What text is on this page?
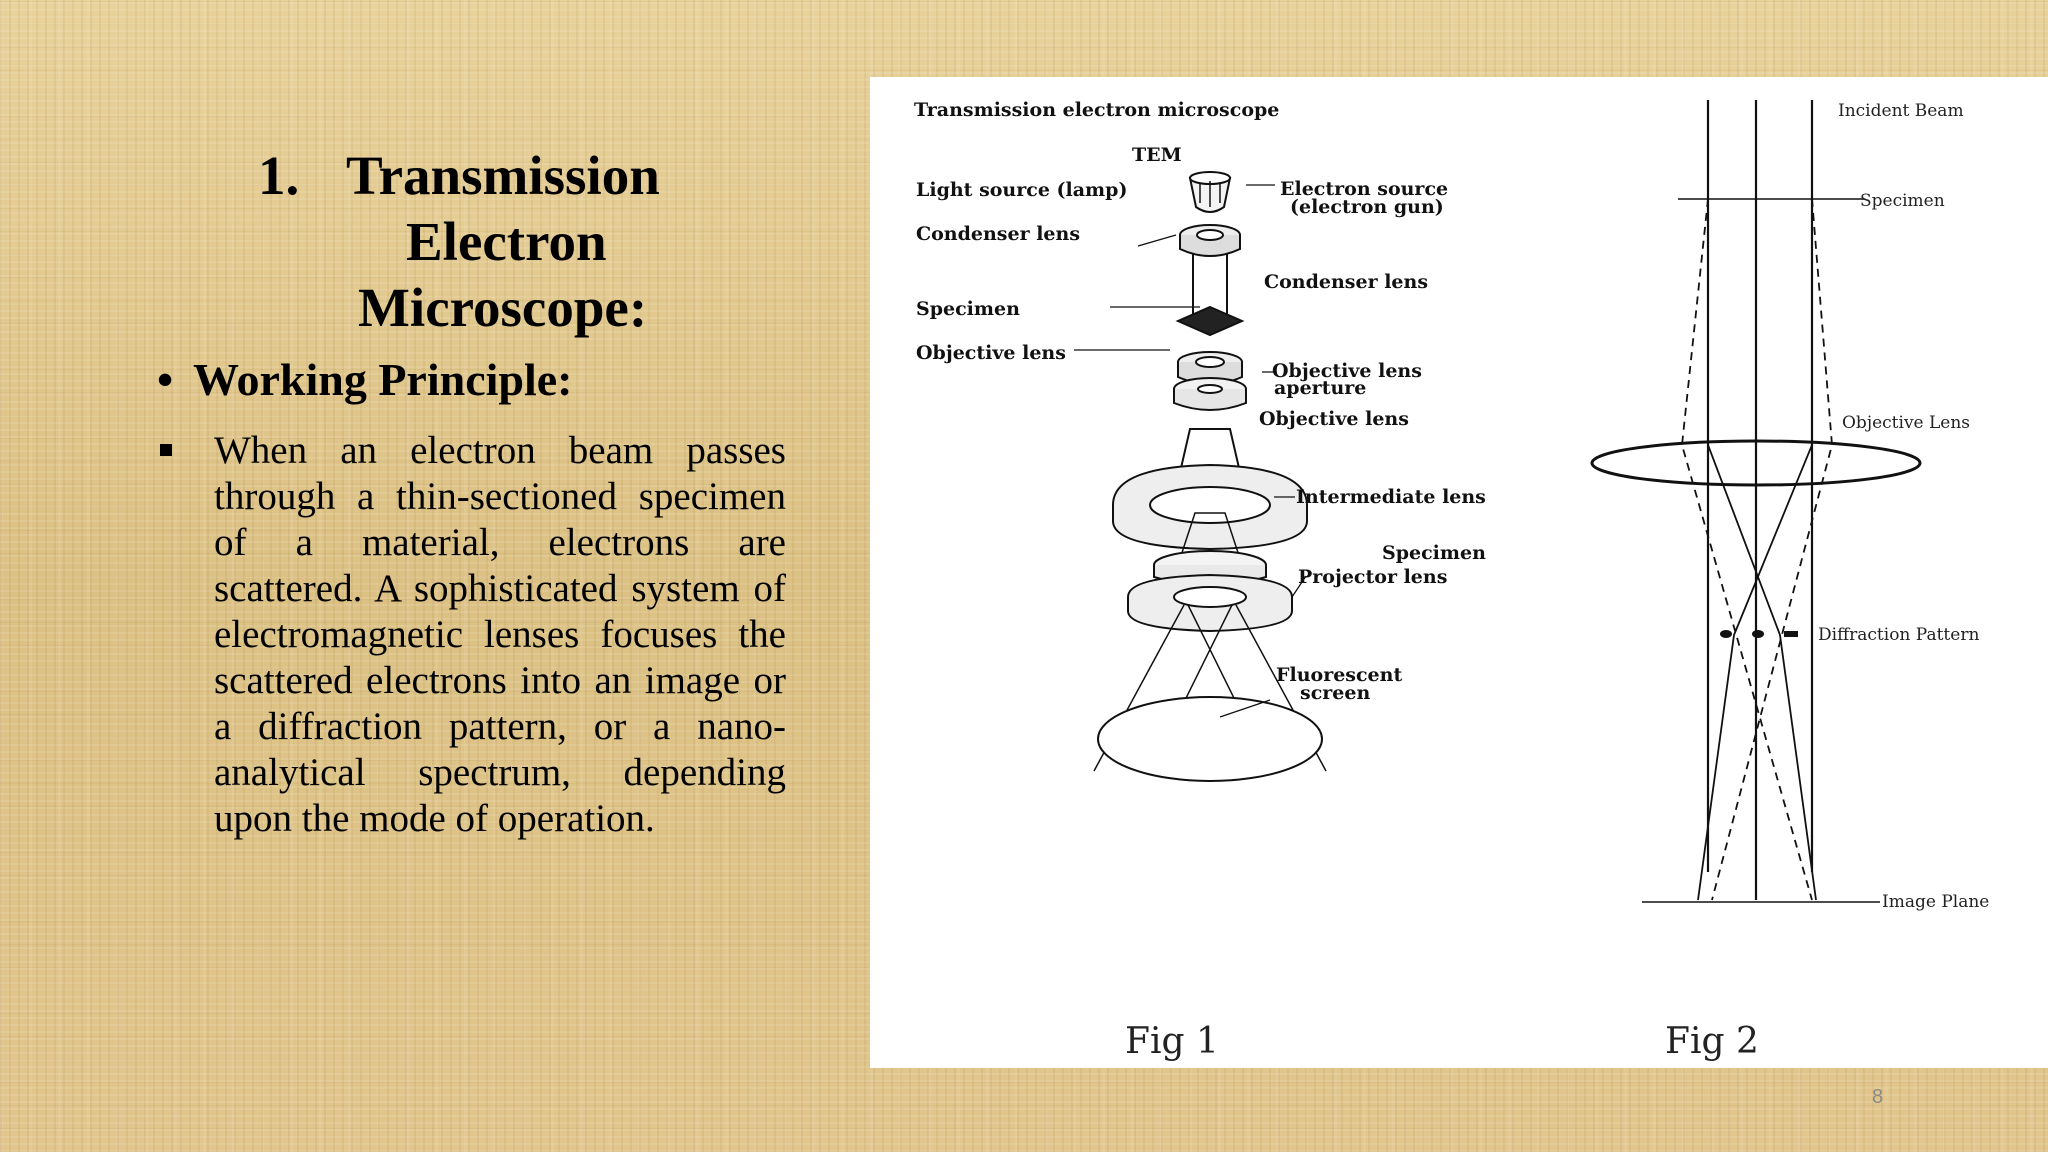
1. Transmission
Electron
Microscope:
• Working Principle:
When an electron beam passes through a thin-sectioned specimen of a material, electrons are scattered. A sophisticated system of electromagnetic lenses focuses the scattered electrons into an image or a diffraction pattern, or a nano-analytical spectrum, depending upon the mode of operation.
Transmission electron microscope
TEM
Light source (lamp)	Electron source
(electron gun)
Condenser lens
Condenser lens
Specimen
Objective lens
Objective lens
aperture
Objective lens
Intermediate lens
Specimen
Projector lens
Fluorescent
screen
Incident Beam
Specimen
Objective Lens
Diffraction Pattern
Image Plane
Fig 1	Fig 2
8
